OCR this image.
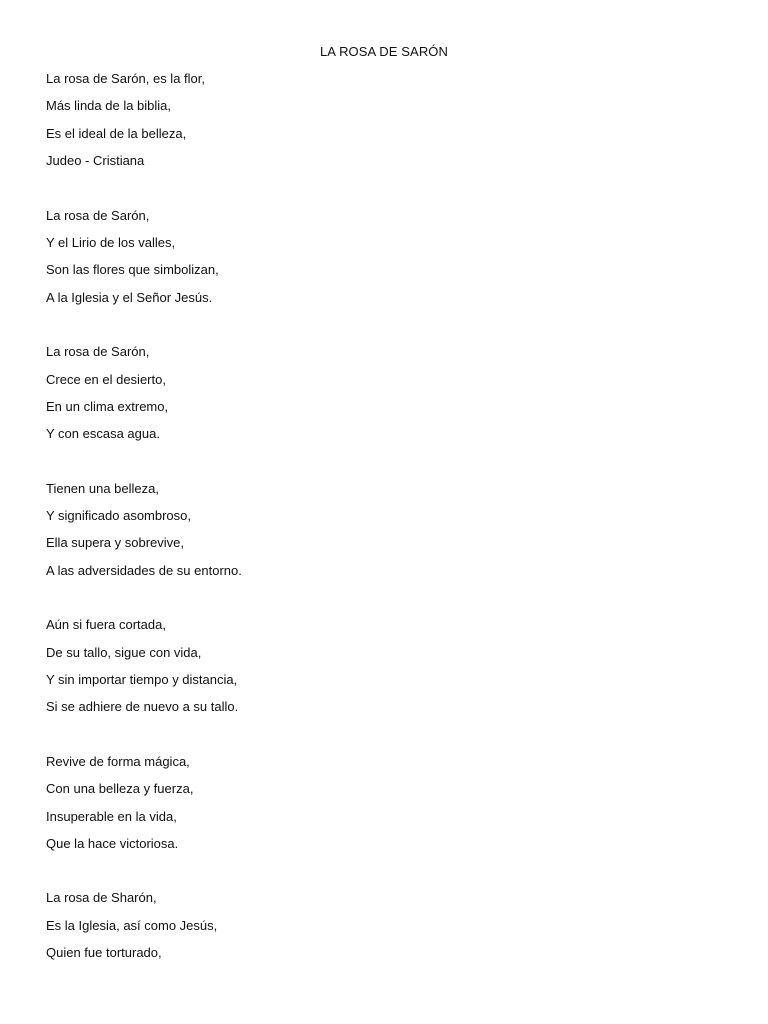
LA ROSA DE SARÓN
La rosa de Sarón, es la flor,
Más linda de la biblia,
Es el ideal de la belleza,
Judeo - Cristiana
La rosa de Sarón,
Y el Lirio de los valles,
Son las flores que simbolizan,
A la Iglesia y el Señor Jesús.
La rosa de Sarón,
Crece en el desierto,
En un clima extremo,
Y con escasa agua.
Tienen una belleza,
Y significado asombroso,
Ella supera y sobrevive,
A las adversidades de su entorno.
Aún si fuera cortada,
De su tallo, sigue con vida,
Y sin importar tiempo y distancia,
Si se adhiere de nuevo a su tallo.
Revive de forma mágica,
Con una belleza y fuerza,
Insuperable en la vida,
Que la hace victoriosa.
La rosa de Sharón,
Es la Iglesia, así como Jesús,
Quien fue torturado,
